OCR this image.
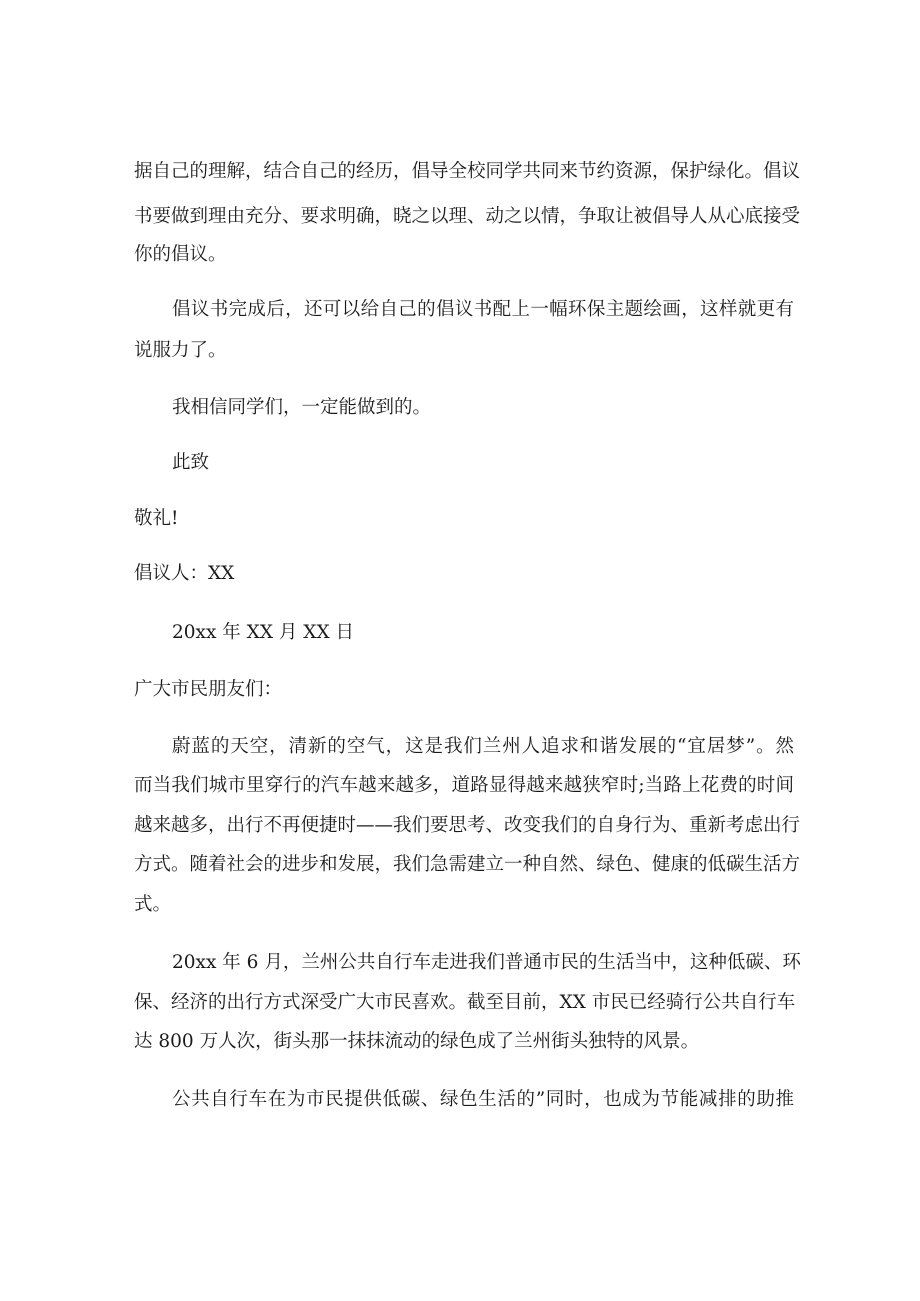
据自己的理解，结合自己的经历，倡导全校同学共同来节约资源，保护绿化。倡议
书要做到理由充分、要求明确，晓之以理、动之以情，争取让被倡导人从心底接受
你的倡议。
倡议书完成后，还可以给自己的倡议书配上一幅环保主题绘画，这样就更有
说服力了。
我相信同学们，一定能做到的。
此致
敬礼!
倡议人：XX
20xx 年 XX 月 XX 日
广大市民朋友们：
蔚蓝的天空，清新的空气，这是我们兰州人追求和谐发展的“宜居梦”。然
而当我们城市里穿行的汽车越来越多，道路显得越来越狭窄时;当路上花费的时间
越来越多，出行不再便捷时——我们要思考、改变我们的自身行为、重新考虑出行
方式。随着社会的进步和发展，我们急需建立一种自然、绿色、健康的低碳生活方
式。
20xx 年 6 月，兰州公共自行车走进我们普通市民的生活当中，这种低碳、环
保、经济的出行方式深受广大市民喜欢。截至目前，XX 市民已经骑行公共自行车
达 800 万人次，街头那一抹抹流动的绿色成了兰州街头独特的风景。
公共自行车在为市民提供低碳、绿色生活的”同时，也成为节能减排的助推
